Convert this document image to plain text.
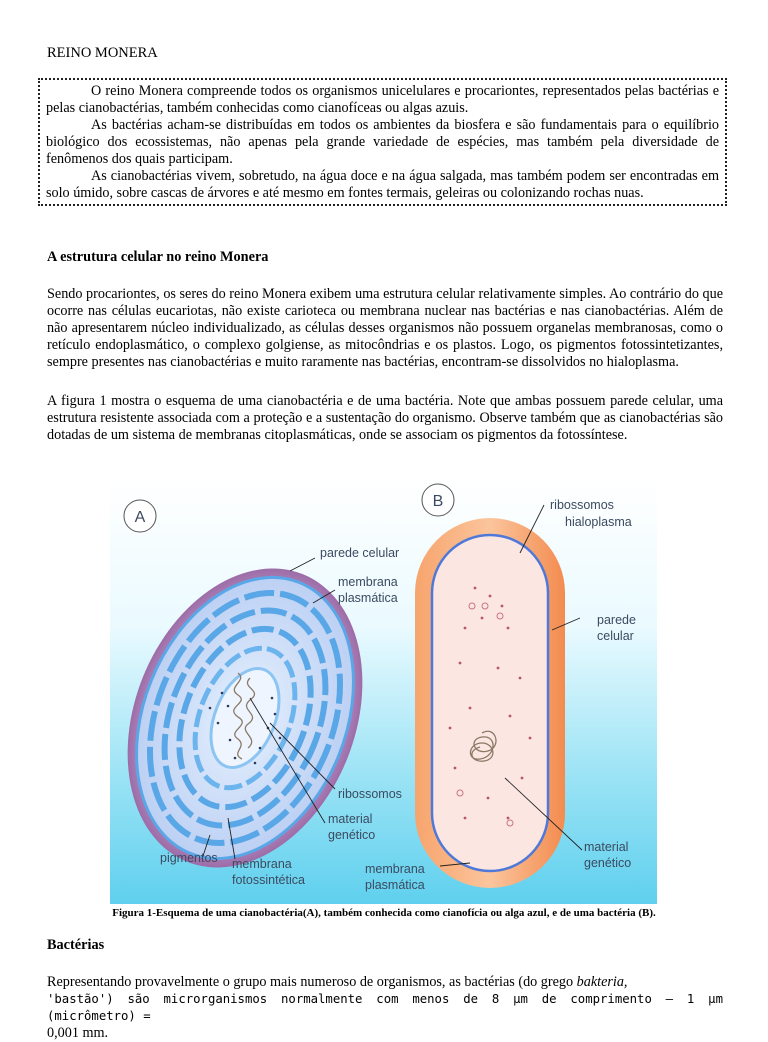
REINO MONERA

O reino Monera compreende todos os organismos unicelulares e procariontes, representados pelas bactérias e pelas cianobactérias, também conhecidas como cianofíceas ou algas azuis.

As bactérias acham-se distribuídas em todos os ambientes da biosfera e são fundamentais para o equilíbrio biológico dos ecossistemas, não apenas pela grande variedade de espécies, mas também pela diversidade de fenômenos dos quais participam.

As cianobactérias vivem, sobretudo, na água doce e na água salgada, mas também podem ser encontradas em solo úmido, sobre cascas de árvores e até mesmo em fontes termais, geleiras ou colonizando rochas nuas.

A estrutura celular no reino Monera

Sendo procariontes, os seres do reino Monera exibem uma estrutura celular relativamente simples. Ao contrário do que ocorre nas células eucariotas, não existe carioteca ou membrana nuclear nas bactérias e nas cianobactérias. Além de não apresentarem núcleo individualizado, as células desses organismos não possuem organelas membranosas, como o retículo endoplasmático, o complexo golgiense, as mitocôndrias e os plastos. Logo, os pigmentos fotossintetizantes, sempre presentes nas cianobactérias e muito raramente nas bactérias, encontram-se dissolvidos no hialoplasma.

A figura 1 mostra o esquema de uma cianobactéria e de uma bactéria. Note que ambas possuem parede celular, uma estrutura resistente associada com a proteção e a sustentação do organismo. Observe também que as cianobactérias são dotadas de um sistema de membranas citoplasmáticas, onde se associam os pigmentos da fotossíntese.

A
B
parede celular
membrana
plasmática
ribossomos
material
genético
pigmentos membrana
fotossintética
ribossomos
hialoplasma
parede
celular
material
genético
membrana
plasmática
Figura 1-Esquema de uma cianobactéria(A), também conhecida como cianofícia ou alga azul, e de uma bactéria (B).
Bactérias

Representando provavelmente o grupo mais numeroso de organismos, as bactérias (do grego bakteria,
'bastão') são microrganismos normalmente com menos de 8 μm de comprimento — 1 μm (micrômetro) =
0,001 mm.
